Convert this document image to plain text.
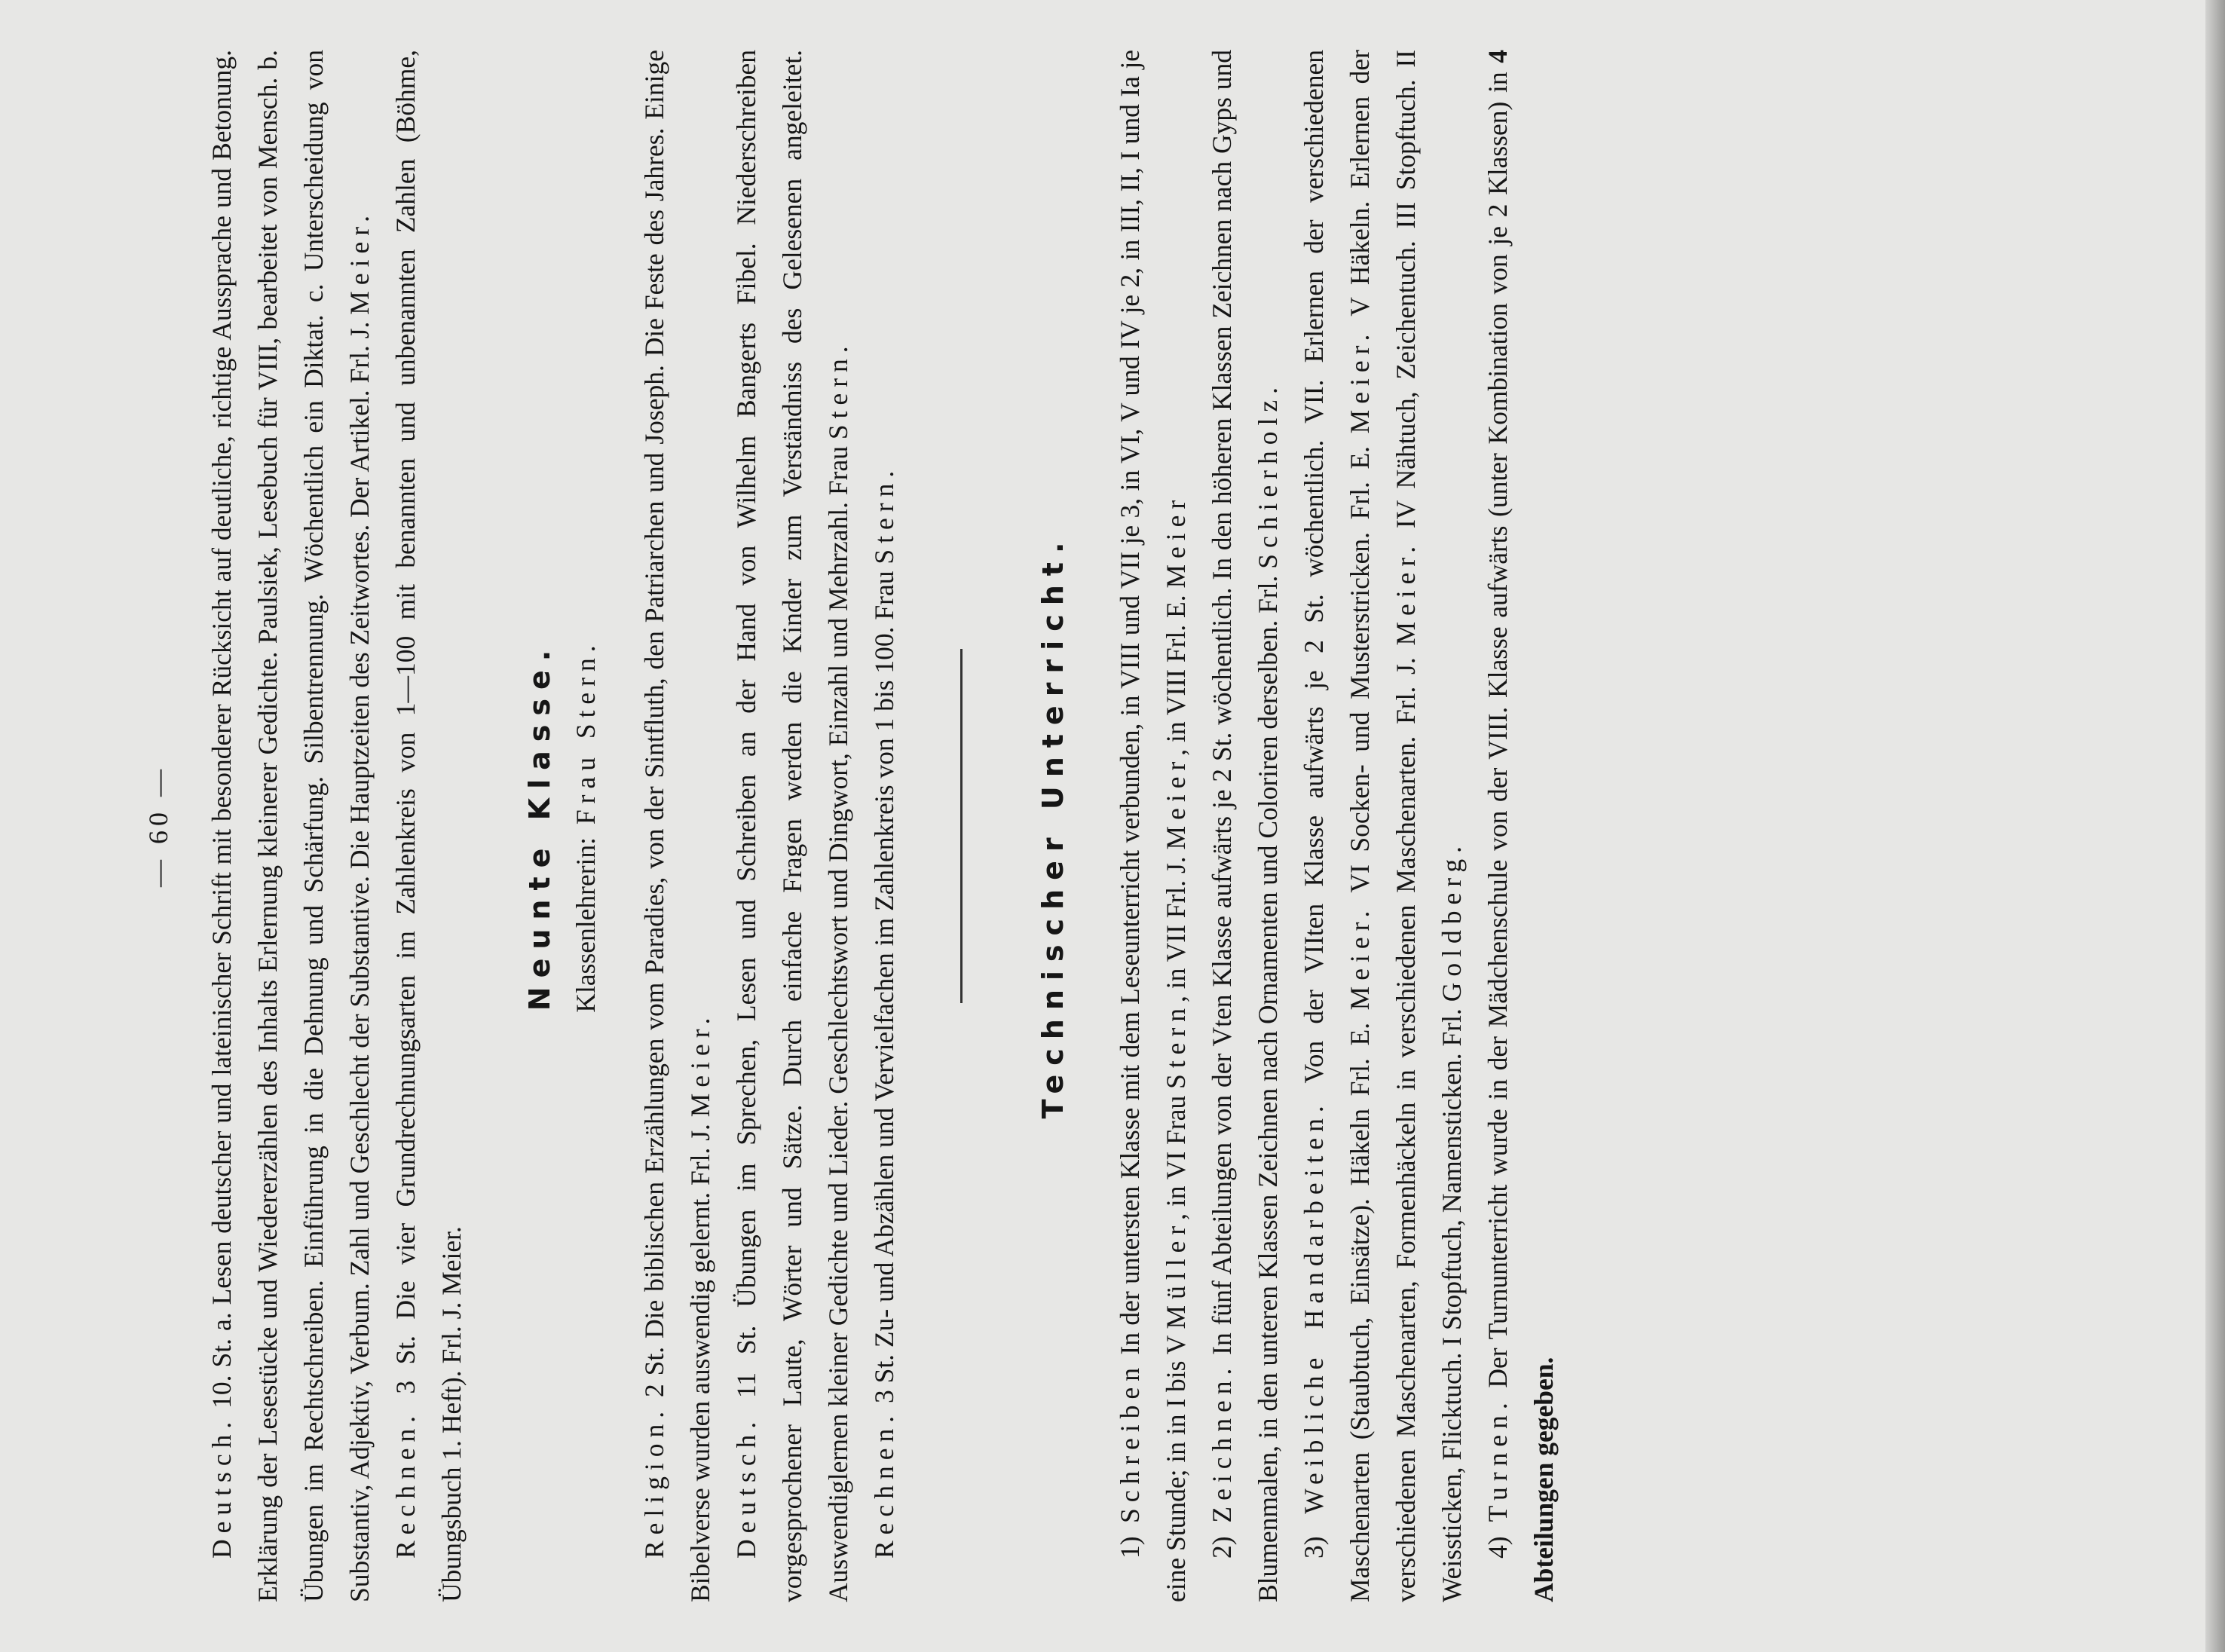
— 60 —

Deutsch. 10. St. a. Lesen deutscher und lateinischer Schrift mit besonderer Rücksicht auf deutliche, richtige Aussprache und Betonung. Erklärung der Lesestücke und Wiedererzählen des Inhalts Erlernung kleinerer Gedichte. Paulsiek, Lesebuch für VIII, bearbeitet von Mensch. b. Übungen im Rechtschreiben. Einführung in die Dehnung und Schärfung. Silbentrennung. Wöchentlich ein Diktat. c. Unterscheidung von Substantiv, Adjektiv, Verbum. Zahl und Geschlecht der Substantive. Die Hauptzeiten des Zeitwortes. Der Artikel. Frl. J. Meier.

Rechnen. 3 St. Die vier Grundrechnungsarten im Zahlenkreis von 1—100 mit benannten und unbenannten Zahlen (Böhme, Übungsbuch 1. Heft). Frl. J. Meier.

Neunte Klasse. Klassenlehrerin: Frau Stern.

Religion. 2 St. Die biblischen Erzählungen vom Paradies, von der Sintfluth, den Patriarchen und Joseph. Die Feste des Jahres. Einige Bibelverse wurden auswendig gelernt. Frl. J. Meier.

Deutsch. 11 St. Übungen im Sprechen, Lesen und Schreiben an der Hand von Wilhelm Bangerts Fibel. Niederschreiben vorgesprochener Laute, Wörter und Sätze. Durch einfache Fragen werden die Kinder zum Verständniss des Gelesenen angeleitet. Auswendiglernen kleiner Gedichte und Lieder. Geschlechtswort und Dingwort, Einzahl und Mehrzahl. Frau Stern.

Rechnen. 3 St. Zu- und Abzählen und Vervielfachen im Zahlenkreis von 1 bis 100. Frau Stern.

Technischer Unterricht.

1) Schreiben In der untersten Klasse mit dem Leseunterricht verbunden, in VIII und VII je 3, in VI, V und IV je 2, in III, II, I und Ia je eine Stunde; in in I bis V Müller, in VI Frau Stern, in VII Frl. J. Meier, in VIII Frl. E. Meier

2) Zeichnen. In fünf Abteilungen von der Vten Klasse aufwärts je 2 St. wöchentlich. In den höheren Klassen Zeichnen nach Gyps und Blumenmalen, in den unteren Klassen Zeichnen nach Ornamenten und Coloriren derselben. Frl. Schierholz.

3) Weibliche Handarbeiten. Von der VIIten Klasse aufwärts je 2 St. wöchentlich. VII. Erlernen der verschiedenen Maschenarten (Staubtuch, Einsätze). Häkeln Frl. E. Meier. VI Socken- und Musterstricken. Frl. E. Meier. V Häkeln. Erlernen der verschiedenen Maschenarten, Formenhäckeln in verschiedenen Maschenarten. Frl. J. Meier. IV Nähtuch, Zeichentuch. III Stopftuch. II Weissticken, Flicktuch. I Stopftuch, Namensticken. Frl. Goldberg.

4) Turnen. Der Turnunterricht wurde in der Mädchenschule von der VIII. Klasse aufwärts (unter Kombination von je 2 Klassen) in 4 Abteilungen gegeben.
